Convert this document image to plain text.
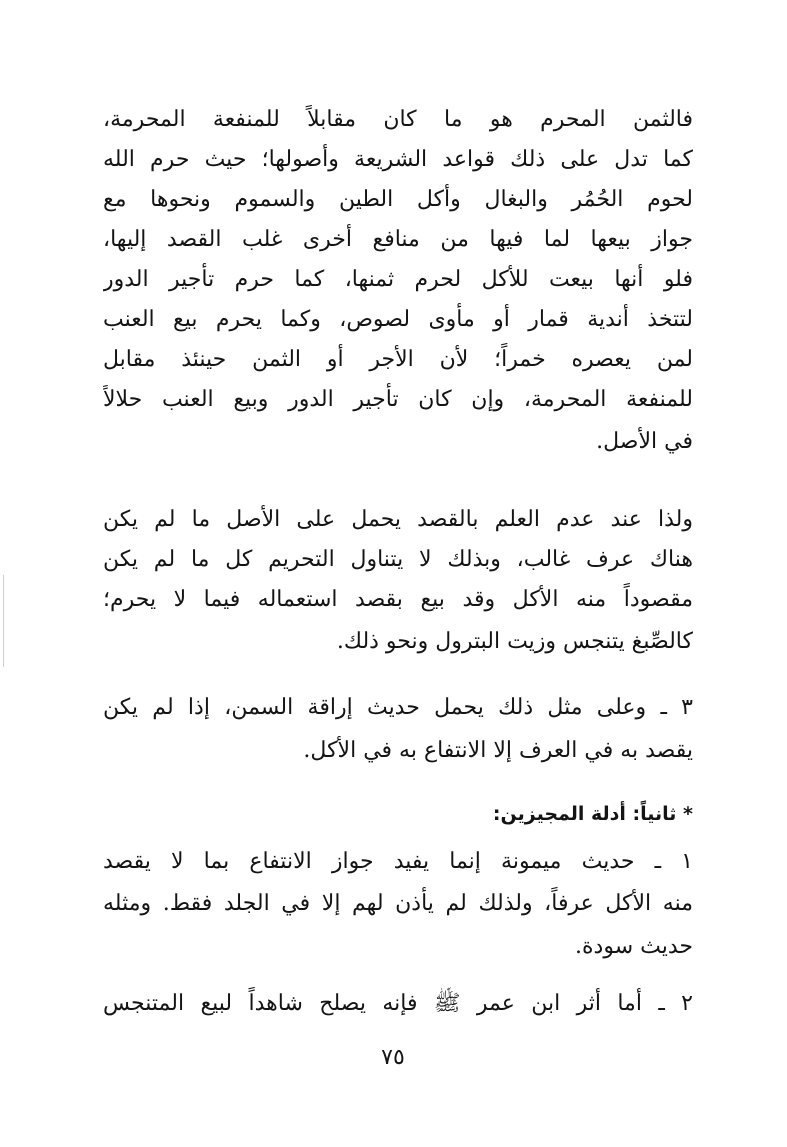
فالثمن المحرم هو ما كان مقابلاً للمنفعة المحرمة،
كما تدل على ذلك قواعد الشريعة وأصولها؛ حيث حرم الله
لحوم الحُمُر والبغال وأكل الطين والسموم ونحوها مع
جواز بيعها لما فيها من منافع أخرى غلب القصد إليها،
فلو أنها بيعت للأكل لحرم ثمنها، كما حرم تأجير الدور
لتتخذ أندية قمار أو مأوى لصوص، وكما يحرم بيع العنب
لمن يعصره خمراً؛ لأن الأجر أو الثمن حينئذ مقابل
للمنفعة المحرمة، وإن كان تأجير الدور وبيع العنب حلالاً
في الأصل.
ولذا عند عدم العلم بالقصد يحمل على الأصل ما لم يكن
هناك عرف غالب، وبذلك لا يتناول التحريم كل ما لم يكن
مقصوداً منه الأكل وقد بيع بقصد استعماله فيما لا يحرم؛
كالصِّبغ يتنجس وزيت البترول ونحو ذلك.
٣ ـ وعلى مثل ذلك يحمل حديث إراقة السمن، إذا لم يكن
يقصد به في العرف إلا الانتفاع به في الأكل.
* ثانياً: أدلة المجيزين:
١ ـ حديث ميمونة إنما يفيد جواز الانتفاع بما لا يقصد
منه الأكل عرفاً، ولذلك لم يأذن لهم إلا في الجلد فقط. ومثله
حديث سودة.
٢ ـ أما أثر ابن عمر ﷺ فإنه يصلح شاهداً لبيع المتنجس
٧٥
